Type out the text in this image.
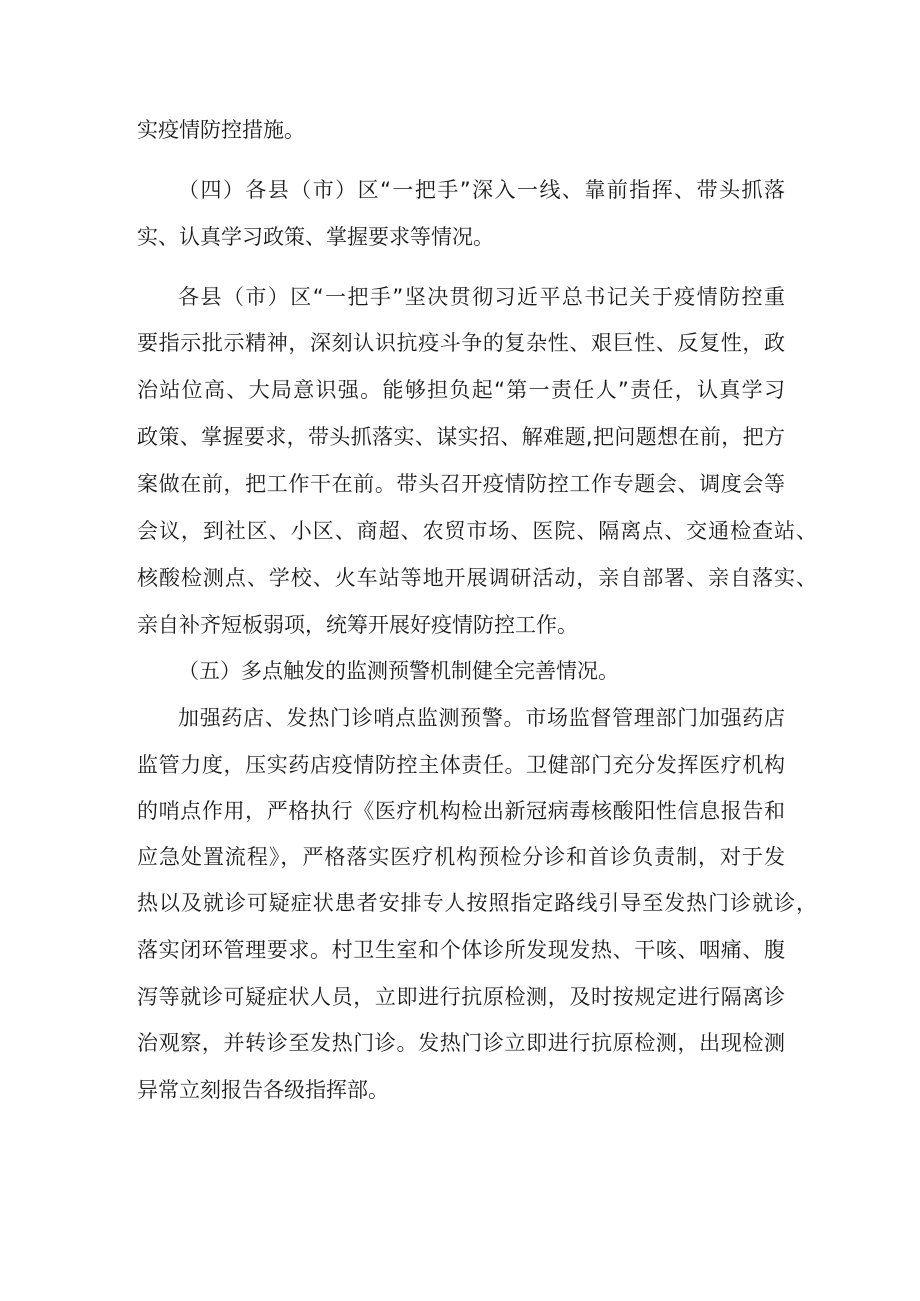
实疫情防控措施。
（四）各县（市）区“一把手”深入一线、靠前指挥、带头抓落
实、认真学习政策、掌握要求等情况。
各县（市）区“一把手”坚决贯彻习近平总书记关于疫情防控重
要指示批示精神，深刻认识抗疫斗争的复杂性、艰巨性、反复性，政
治站位高、大局意识强。能够担负起“第一责任人”责任，认真学习
政策、掌握要求，带头抓落实、谋实招、解难题,把问题想在前，把方
案做在前，把工作干在前。带头召开疫情防控工作专题会、调度会等
会议，到社区、小区、商超、农贸市场、医院、隔离点、交通检查站、
核酸检测点、学校、火车站等地开展调研活动，亲自部署、亲自落实、
亲自补齐短板弱项，统筹开展好疫情防控工作。
（五）多点触发的监测预警机制健全完善情况。
加强药店、发热门诊哨点监测预警。市场监督管理部门加强药店
监管力度，压实药店疫情防控主体责任。卫健部门充分发挥医疗机构
的哨点作用，严格执行《医疗机构检出新冠病毒核酸阳性信息报告和
应急处置流程》，严格落实医疗机构预检分诊和首诊负责制，对于发
热以及就诊可疑症状患者安排专人按照指定路线引导至发热门诊就诊，
落实闭环管理要求。村卫生室和个体诊所发现发热、干咳、咽痛、腹
泻等就诊可疑症状人员，立即进行抗原检测，及时按规定进行隔离诊
治观察，并转诊至发热门诊。发热门诊立即进行抗原检测，出现检测
异常立刻报告各级指挥部。
